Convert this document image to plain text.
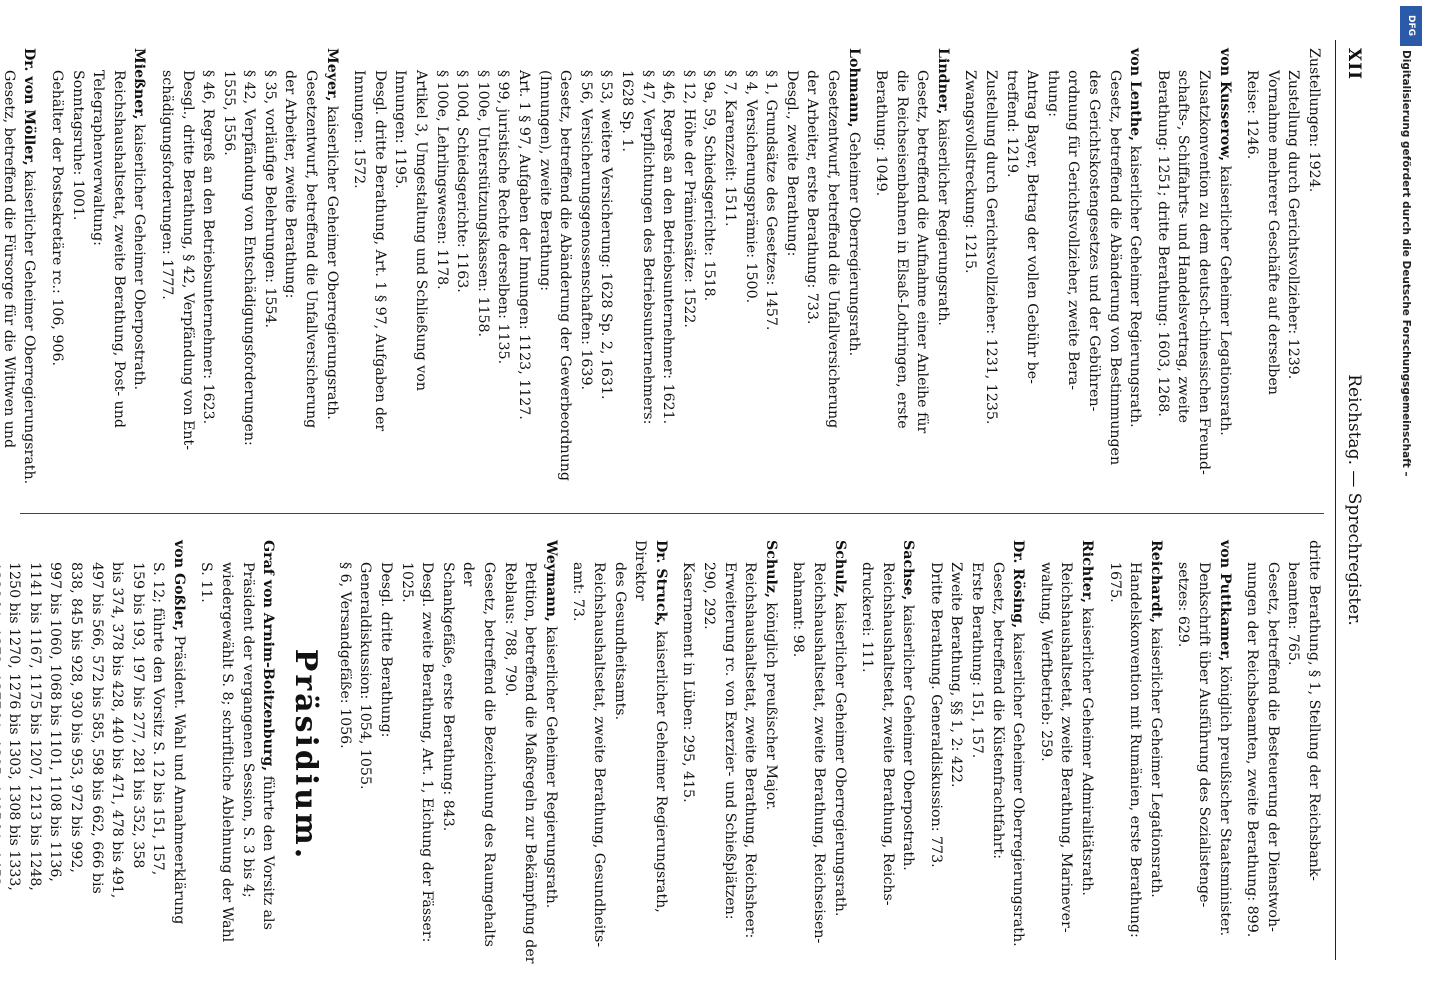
XII
Reichstag. — Sprechregister.
Zustellungen: 1924.
Zustellung durch Gerichtsvollzieher: 1239.
Vornahme mehrerer Geschäfte auf derselben
Reise: 1246.
von Kusserow, kaiserlicher Geheimer Legationsrath.
Zusatzkonvention zu dem deutsch-chinesischen Freund-
schafts-, Schiffahrts- und Handelsvertrag, zweite
Berathung: 1251; dritte Berathung: 1603, 1268.
von Lenthe, kaiserlicher Geheimer Regierungsrath.
Gesetz, betreffend die Abänderung von Bestimmungen
des Gerichtskostengesetzes und der Gebühren-
ordnung für Gerichtsvollzieher, zweite Bera-
thung:
Antrag Bayer, Betrag der vollen Gebühr be-
treffend: 1219.
Zustellung durch Gerichtsvollzieher: 1231, 1235.
Zwangsvollstreckung: 1215.
Lindner, kaiserlicher Regierungsrath.
Gesetz, betreffend die Aufnahme einer Anleihe für
die Reichseisenbahnen in Elsaß-Lothringen, erste
Berathung: 1049.
Lohmann, Geheimer Oberregierungsrath.
Gesetzentwurf, betreffend die Unfallversicherung
der Arbeiter, erste Berathung: 733.
Desgl., zweite Berathung:
§ 1, Grundsätze des Gesetzes: 1457.
§ 4, Versicherungsprämie: 1500.
§ 7, Karenzzeit: 1511.
§ 9a, 59, Schiedsgerichte: 1518.
§ 12, Höhe der Prämiensätze: 1522.
§ 46, Regreß an den Betriebsunternehmer: 1621.
§ 47, Verpflichtungen des Betriebsunternehmers:
1628 Sp. 1.
§ 53, weitere Versicherung: 1628 Sp. 2, 1631.
§ 56, Versicherungsgenossenschaften: 1639.
Gesetz, betreffend die Abänderung der Gewerbeordnung
(Innungen), zweite Berathung:
Art. 1 § 97, Aufgaben der Innungen: 1123, 1127.
§ 99, juristische Rechte derselben: 1135.
§ 100e, Unterstützungskassen: 1158.
§ 100d, Schiedsgerichte: 1163.
§ 100e, Lehrlingswesen: 1178.
Artikel 3, Umgestaltung und Schließung von
Innungen: 1195.
Desgl. dritte Berathung, Art. 1 § 97, Aufgaben der
Innungen: 1572.
Meyer, kaiserlicher Geheimer Oberregierungsrath.
Gesetzentwurf, betreffend die Unfallversicherung
der Arbeiter, zweite Berathung:
§ 35, vorläufige Belehrungen: 1554.
§ 42, Verpfändung von Entschädigungsforderungen:
1555, 1556.
§ 46, Regreß an den Betriebsunternehmer: 1623.
Desgl., dritte Berathung, § 42, Verpfändung von Ent-
schädigungsforderungen: 1777.
Mießner, kaiserlicher Geheimer Oberpostrath.
Reichshaushaltsetat, zweite Berathung, Post- und
Telegraphenverwaltung:
Sonntagsruhe: 1001.
Gehälter der Postsekretäre rc.: 106, 906.
Dr. von Möller, kaiserlicher Geheimer Oberregierungsrath.
Gesetz, betreffend die Fürsorge für die Wittwen und
dritte Berathung, § 1, Stellung der Reichsbank-
beamten: 765.
Gesetz, betreffend die Besteuerung der Dienstwoh-
nungen der Reichsbeamten, zweite Berathung: 899.
von Puttkamer, königlich preußischer Staatsminister.
Denkschrift über Ausführung des Sozialistenge-
setzes: 629.
Reichardt, kaiserlicher Geheimer Legationsrath.
Handelskonvention mit Rumänien, erste Berathung:
1675.
Richter, kaiserlicher Geheimer Admiralitätsrath.
Reichshaushaltsetat, zweite Berathung, Marinever-
waltung, Werftbetrieb: 259.
Dr. Rösing, kaiserlicher Geheimer Oberregierungsrath.
Gesetz, betreffend die Küstenfrachtfahrt:
Erste Berathung: 151, 157.
Zweite Berathung, §§ 1, 2: 422.
Dritte Berathung. Generaldiskussion: 773.
Sachse, kaiserlicher Geheimer Oberpostrath.
Reichshaushaltsetat, zweite Berathung, Reichs-
druckerei: 111.
Schulz, kaiserlicher Geheimer Oberregierungsrath.
Reichshaushaltsetat, zweite Berathung, Reichseisen-
bahnamt: 98.
Schulz, königlich preußischer Major.
Reichshaushaltsetat, zweite Berathung, Reichsheer:
Erweiterung rc. von Exerzier- und Schießplätzen:
290, 292.
Kasernement in Lüben: 295, 415.
Dr. Struck, kaiserlicher Geheimer Regierungsrath, Direktor
des Gesundheitsamts.
Reichshaushaltsetat, zweite Berathung, Gesundheits-
amt: 73.
Weymann, kaiserlicher Geheimer Regierungsrath.
Petition, betreffend die Maßregeln zur Bekämpfung der
Reblaus: 788, 790.
Gesetz, betreffend die Bezeichnung des Raumgehalts der
Schankgefäße, erste Berathung: 843.
Desgl. zweite Berathung, Art. 1, Eichung der Fässer: 1025.
Desgl. dritte Berathung:
Generaldiskussion: 1054, 1055.
§ 6, Versandgefäße: 1056.
Präsidium.
Graf von Arnim-Boitzenburg, führte den Vorsitz als
Präsident der vergangenen Session, S. 3 bis 4;
wiedergewählt S. 8; schriftliche Ablehnung der Wahl
S. 11.
von Goßler, Präsident. Wahl und Annahmeerklärung
S. 12; führte den Vorsitz S. 12 bis 151, 157,
159 bis 193, 197 bis 277, 281 bis 352, 358
bis 374, 378 bis 428, 440 bis 471, 478 bis 491,
497 bis 566, 572 bis 585, 598 bis 662, 666 bis
838, 845 bis 928, 930 bis 953, 972 bis 992,
997 bis 1060, 1068 bis 1101, 1108 bis 1136,
1141 bis 1167, 1175 bis 1207, 1213 bis 1248,
1250 bis 1270, 1276 bis 1303, 1308 bis 1333,
DFG
Digitalisierung gefördert durch die Deutsche Forschungsgemeinschaft –
